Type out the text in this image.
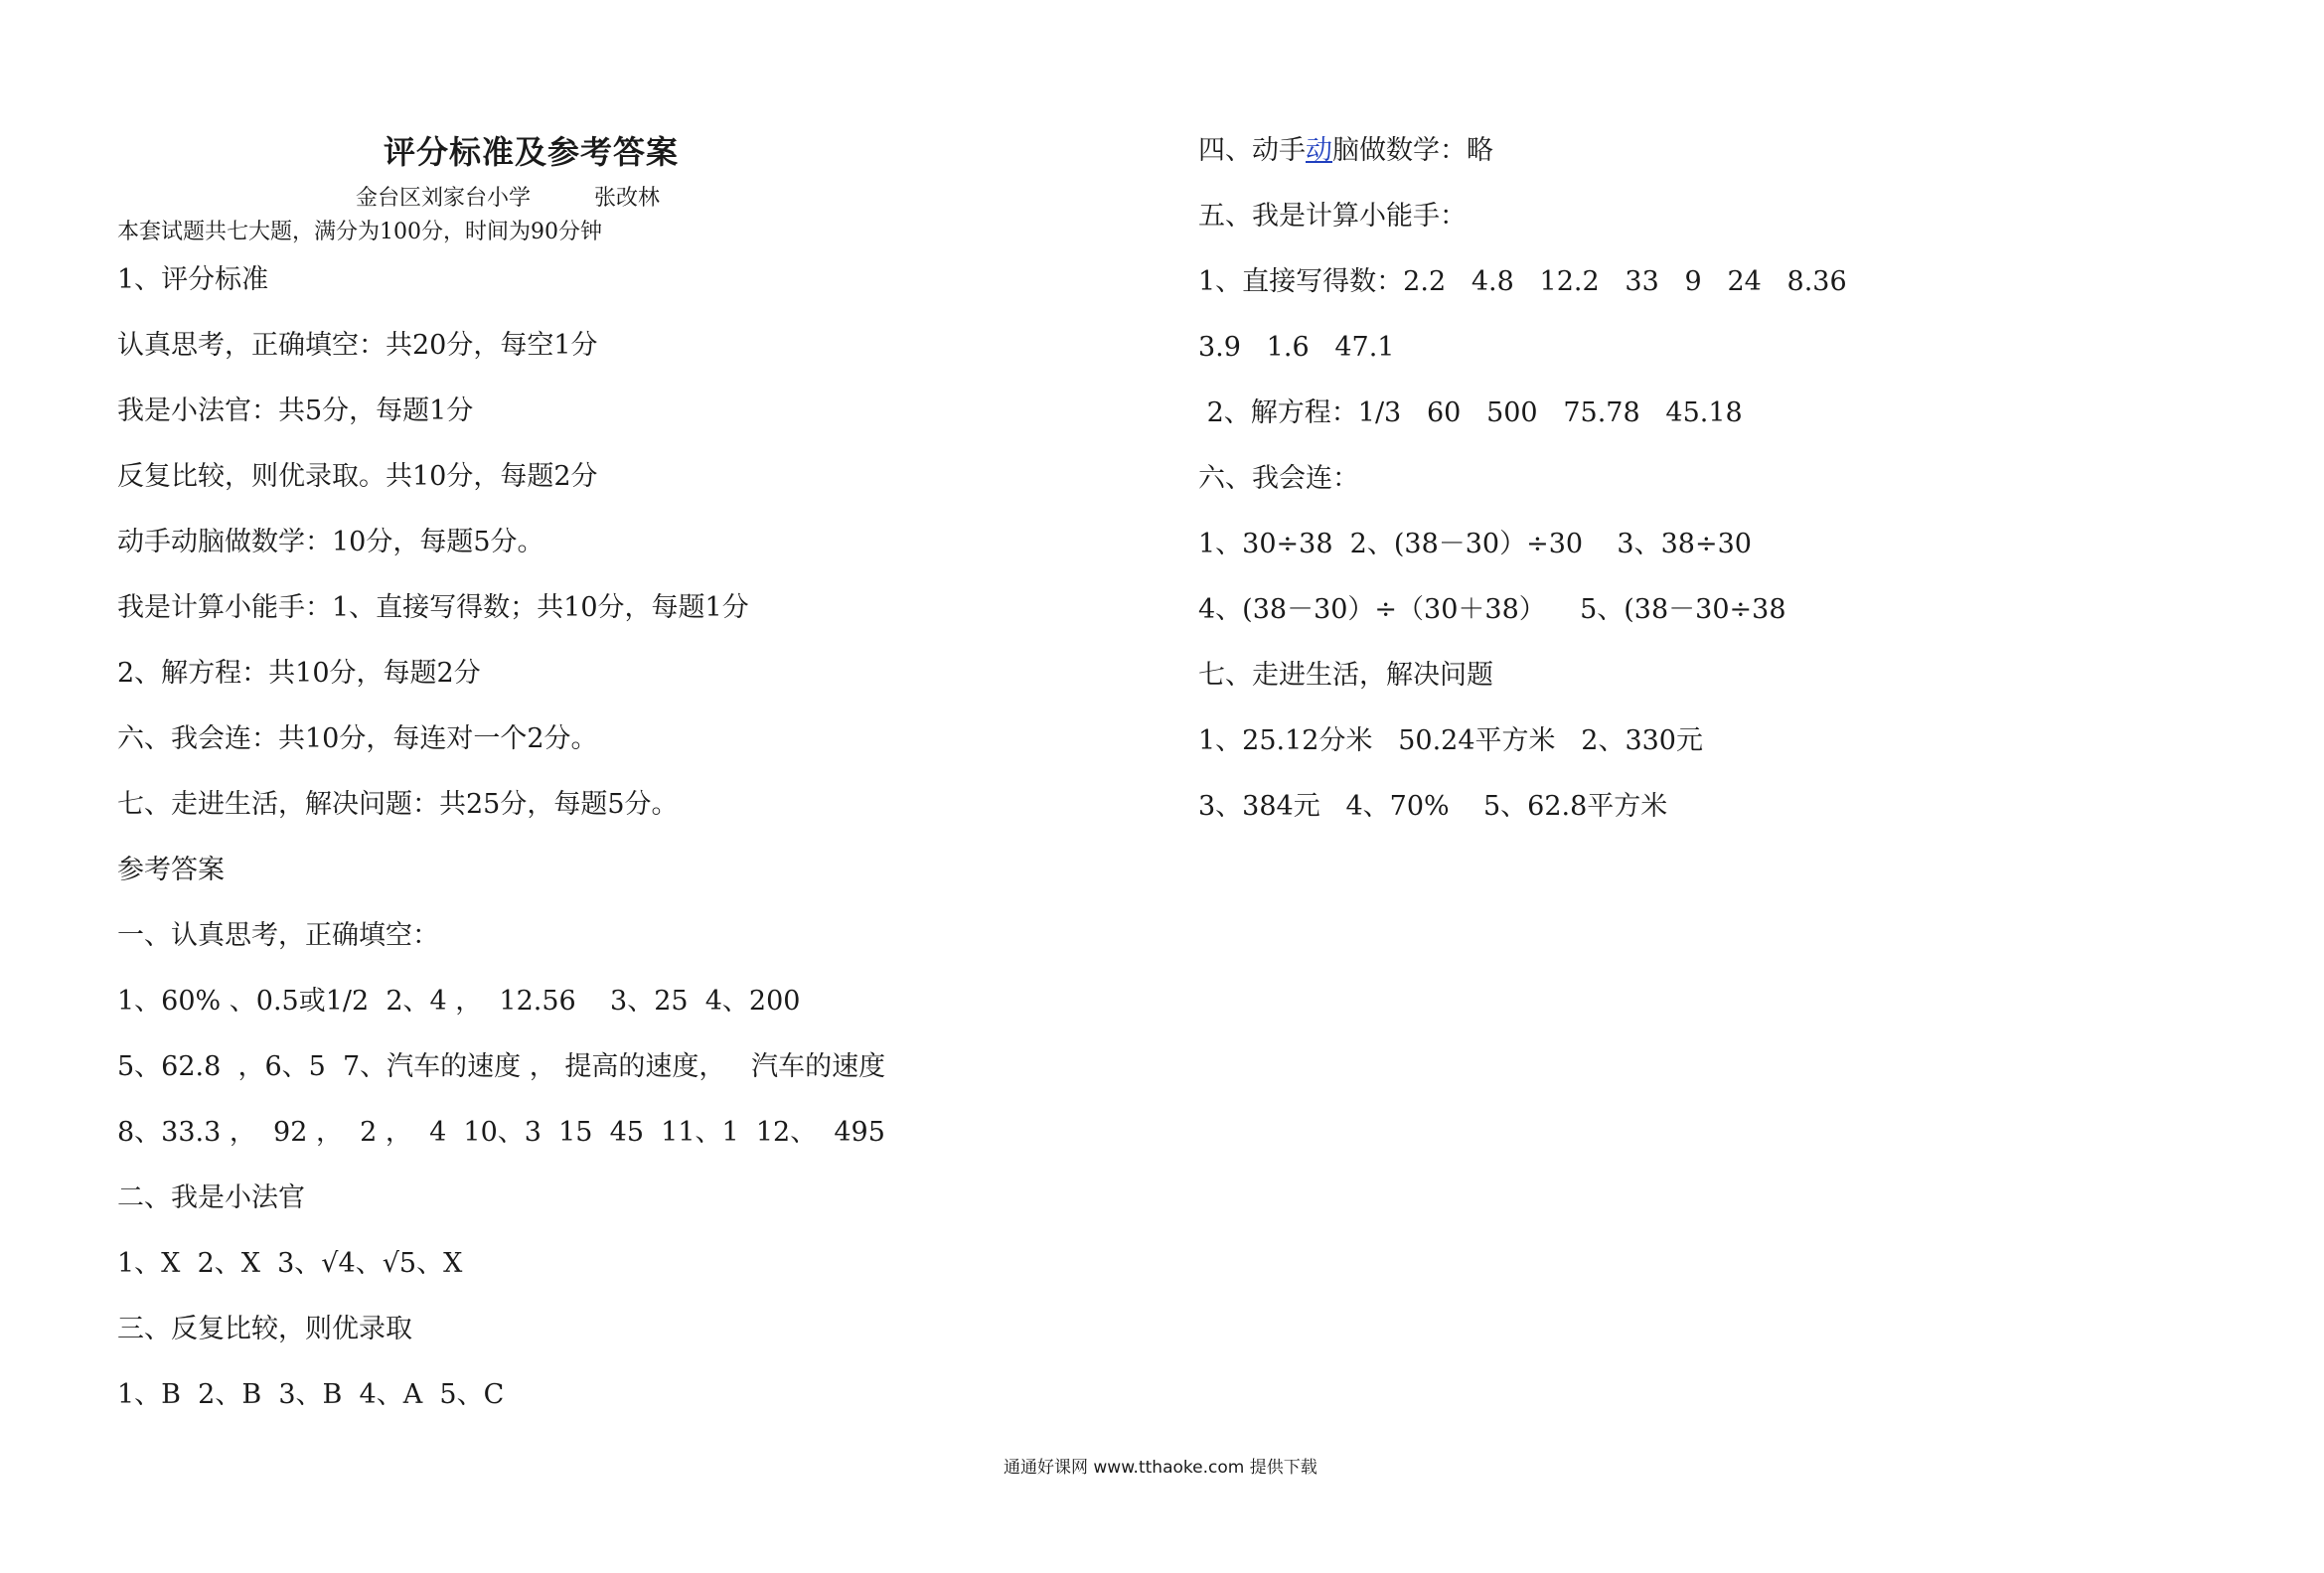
评分标准及参考答案
金台区刘家台小学	张改林
本套试题共七大题，满分为100分，时间为90分钟
1、评分标准
认真思考，正确填空：共20分，每空1分
我是小法官：共5分，每题1分
反复比较，则优录取。共10分，每题2分
动手动脑做数学：10分，每题5分。
我是计算小能手：1、直接写得数；共10分，每题1分
2、解方程：共10分，每题2分
六、我会连：共10分，每连对一个2分。
七、走进生活，解决问题：共25分，每题5分。
参考答案
一、认真思考，正确填空：
1、60% 、0.5或1/2  2、4 ，  12.56    3、25  4、200
5、62.8  ，6、5  7、汽车的速度 ， 提高的速度，   汽车的速度
8、33.3 ，  92 ，  2 ，  4  10、3  15  45  11、1  12、  495
二、我是小法官
1、X  2、X  3、√4、√5、X
三、反复比较，则优录取
1、B  2、B  3、B  4、A  5、C
四、动手动脑做数学：略
五、我是计算小能手：
1、直接写得数：2.2   4.8   12.2   33   9   24   8.36
3.9   1.6   47.1
2、解方程：1/3   60   500   75.78   45.18
六、我会连：
1、30÷38  2、(38－30）÷30    3、38÷30
4、(38－30）÷（30＋38）    5、(38－30÷38
七、走进生活，解决问题
1、25.12分米   50.24平方米   2、330元
3、384元   4、70%    5、62.8平方米
通通好课网 www.tthaoke.com 提供下载
